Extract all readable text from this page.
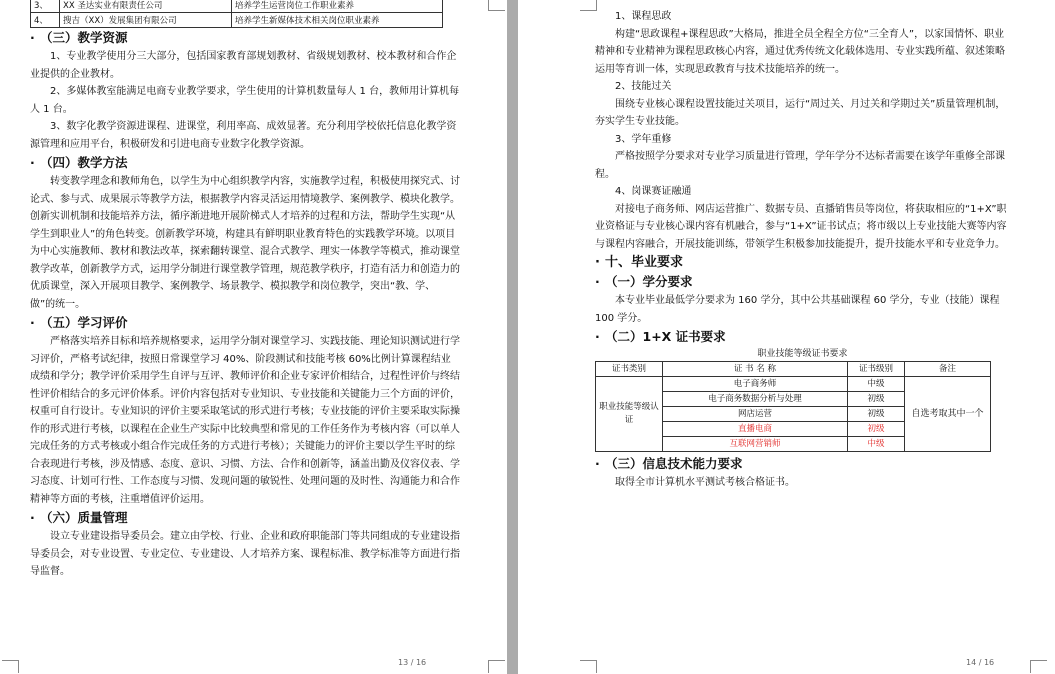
3、	XX 圣达实业有限责任公司	培养学生运营岗位工作职业素养
4、	搜吉（XX）发展集团有限公司	培养学生新媒体技术相关岗位职业素养
· （三）教学资源

1、专业教学使用分三大部分，包括国家教育部规划教材、省级规划教材、校本教材和合作企业提供的企业教材。

2、多媒体教室能满足电商专业教学要求，学生使用的计算机数量每人 1 台，教师用计算机每人 1 台。

3、数字化教学资源进课程、进课堂，利用率高、成效显著。充分利用学校依托信息化教学资源管理和应用平台，积极研发和引进电商专业数字化教学资源。

· （四）教学方法

转变教学理念和教师角色，以学生为中心组织教学内容，实施教学过程，积极使用探究式、讨论式、参与式、成果展示等教学方法，根据教学内容灵活运用情境教学、案例教学、模块化教学。创新实训机制和技能培养方法，循序渐进地开展阶梯式人才培养的过程和方法，帮助学生实现“从学生到职业人”的角色转变。创新教学环境，构建具有鲜明职业教育特色的实践教学环境。以项目为中心实施教师、教材和教法改革，探索翻转课堂、混合式教学、理实一体教学等模式，推动课堂教学改革，创新教学方式，运用学分制进行课堂教学管理，规范教学秩序，打造有活力和创造力的优质课堂，深入开展项目教学、案例教学、场景教学、模拟教学和岗位教学，突出“教、学、做”的统一。

· （五）学习评价

严格落实培养目标和培养规格要求，运用学分制对课堂学习、实践技能、理论知识测试进行学习评价，严格考试纪律，按照日常课堂学习 40%、阶段测试和技能考核 60%比例计算课程结业成绩和学分；教学评价采用学生自评与互评、教师评价和企业专家评价相结合，过程性评价与终结性评价相结合的多元评价体系。评价内容包括对专业知识、专业技能和关键能力三个方面的评价，权重可自行设计。专业知识的评价主要采取笔试的形式进行考核；专业技能的评价主要采取实际操作的形式进行考核，以课程在企业生产实际中比较典型和常见的工作任务作为考核内容（可以单人完成任务的方式考核或小组合作完成任务的方式进行考核）；关键能力的评价主要以学生平时的综合表现进行考核，涉及情感、态度、意识、习惯、方法、合作和创新等，涵盖出勤及仪容仪表、学习态度、计划可行性、工作态度与习惯、发现问题的敏锐性、处理问题的及时性、沟通能力和合作精神等方面的考核，注重增值评价运用。

· （六）质量管理

设立专业建设指导委员会。建立由学校、行业、企业和政府职能部门等共同组成的专业建设指导委员会，对专业设置、专业定位、专业建设、人才培养方案、课程标准、教学标准等方面进行指导监督。

13 / 16

1、课程思政

构建“思政课程+课程思政”大格局，推进全员全程全方位“三全育人”，以家国情怀、职业精神和专业精神为课程思政核心内容，通过优秀传统文化载体选用、专业实践所蕴、叙述策略运用等育训一体，实现思政教育与技术技能培养的统一。

2、技能过关

围绕专业核心课程设置技能过关项目，运行“周过关、月过关和学期过关”质量管理机制，夯实学生专业技能。

3、学年重修

严格按照学分要求对专业学习质量进行管理，学年学分不达标者需要在该学年重修全部课程。

4、岗课赛证融通

对接电子商务师、网店运营推广、数据专员、直播销售员等岗位，将获取相应的“1+X”职业资格证与专业核心课内容有机融合，参与“1+X”证书试点；将市级以上专业技能大赛等内容与课程内容融合，开展技能训练，带领学生积极参加技能提升，提升技能水平和专业竞争力。

· 十、毕业要求
· （一）学分要求

本专业毕业最低学分要求为 160 学分，其中公共基础课程 60 学分，专业（技能）课程 100 学分。

· （二）1+X 证书要求

职业技能等级证书要求

证书类别	证 书 名 称	证书级别	备注
职业技能等级认证	电子商务师	中级	自选考取其中一个
	电子商务数据分析与处理	初级	
	网店运营	初级	
	直播电商	初级	
	互联网营销师	中级	
· （三）信息技术能力要求

取得全市计算机水平测试考核合格证书。

14 / 16
